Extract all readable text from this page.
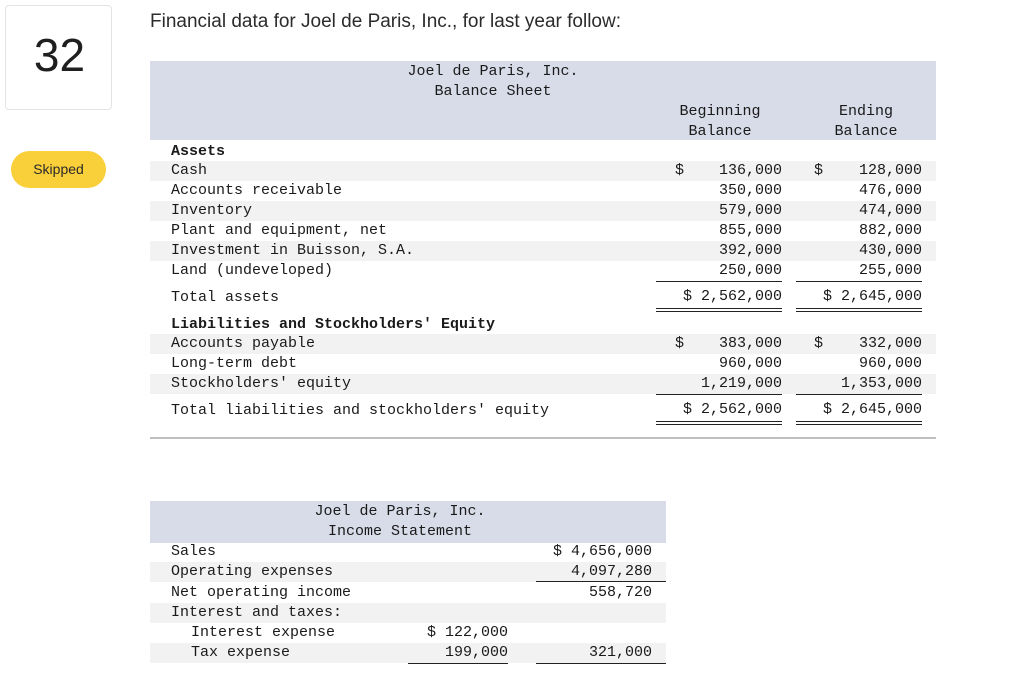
32
Skipped
Financial data for Joel de Paris, Inc., for last year follow:
Joel de Paris, Inc.
Balance Sheet
Beginning
Balance
Ending
Balance
Assets
Cash	$	136,000 $	128,000
Accounts receivable	350,000	476,000
Inventory	579,000	474,000
Plant and equipment, net	855,000	882,000
Investment in Buisson, S.A.	392,000	430,000
Land (undeveloped)	250,000	255,000
Total assets	$ 2,562,000	$ 2,645,000
Liabilities and Stockholders' Equity
Accounts payable	$	383,000 $	332,000
Long-term debt	960,000	960,000
Stockholders' equity	1,219,000	1,353,000
Total liabilities and stockholders' equity	$ 2,562,000	$ 2,645,000
Joel de Paris, Inc.
Income Statement
Sales	$ 4,656,000
Operating expenses	4,097,280
Net operating income	558,720
Interest and taxes:
Interest expense	$ 122,000
Tax expense	199,000	321,000
